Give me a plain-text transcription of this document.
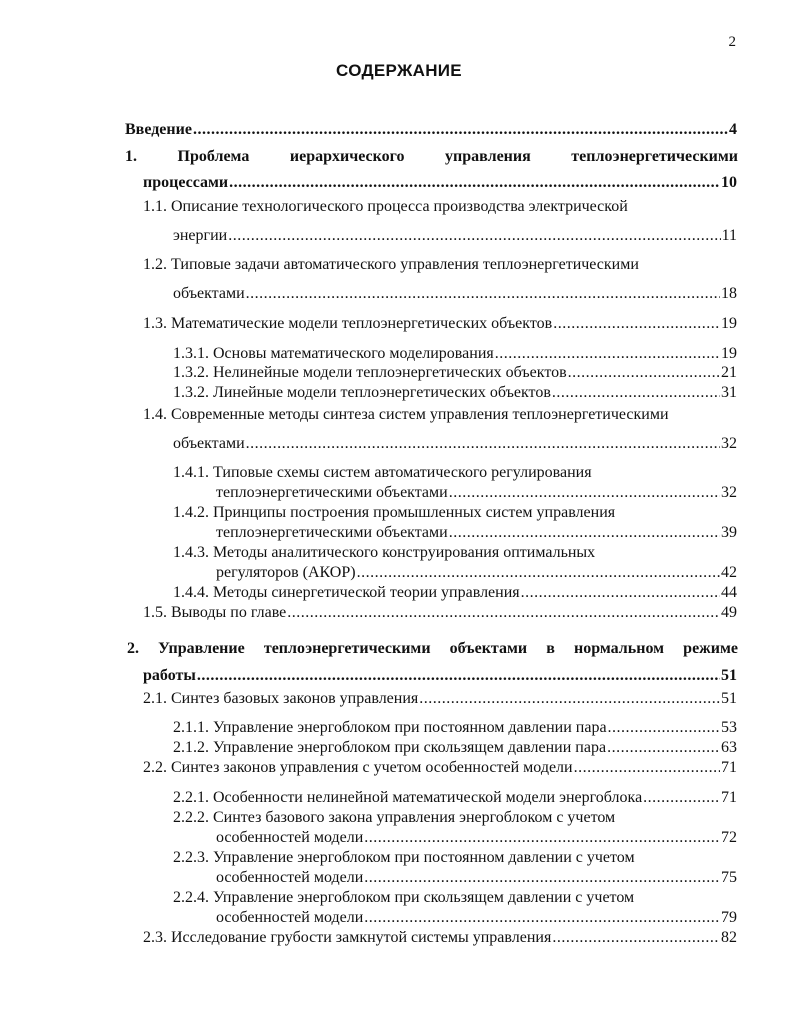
2
СОДЕРЖАНИЕ
Введение .....	4
1.	Проблема	иерархического	управления	теплоэнергетическими
процессами .....	10
1.1. Описание технологического процесса производства электрической
энергии .....	11
1.2. Типовые задачи автоматического управления теплоэнергетическими
объектами .....	18
1.3. Математические модели теплоэнергетических объектов .....	19
1.3.1. Основы математического моделирования .....	19
1.3.2. Нелинейные модели теплоэнергетических объектов .....	21
1.3.2. Линейные модели теплоэнергетических объектов .....	31
1.4. Современные методы синтеза систем управления теплоэнергетическими
объектами .....	32
1.4.1. Типовые схемы систем автоматического регулирования
теплоэнергетическими объектами .....	32
1.4.2. Принципы построения промышленных систем управления
теплоэнергетическими объектами .....	39
1.4.3. Методы аналитического конструирования оптимальных
регуляторов (АКОР) .....	42
1.4.4. Методы синергетической теории управления .....	44
1.5. Выводы по главе .....	49
2. Управление теплоэнергетическими объектами в нормальном режиме
работы .....	51
2.1. Синтез базовых законов управления .....	51
2.1.1. Управление энергоблоком при постоянном давлении пара .....	53
2.1.2. Управление энергоблоком при скользящем давлении пара .....	63
2.2. Синтез законов управления с учетом особенностей модели .....	71
2.2.1. Особенности нелинейной математической модели энергоблока .....	71
2.2.2. Синтез базового закона управления энергоблоком с учетом
особенностей модели .....	72
2.2.3. Управление энергоблоком при постоянном давлении с учетом
особенностей модели .....	75
2.2.4. Управление энергоблоком при скользящем давлении с учетом
особенностей модели .....	79
2.3. Исследование грубости замкнутой системы управления .....	82
